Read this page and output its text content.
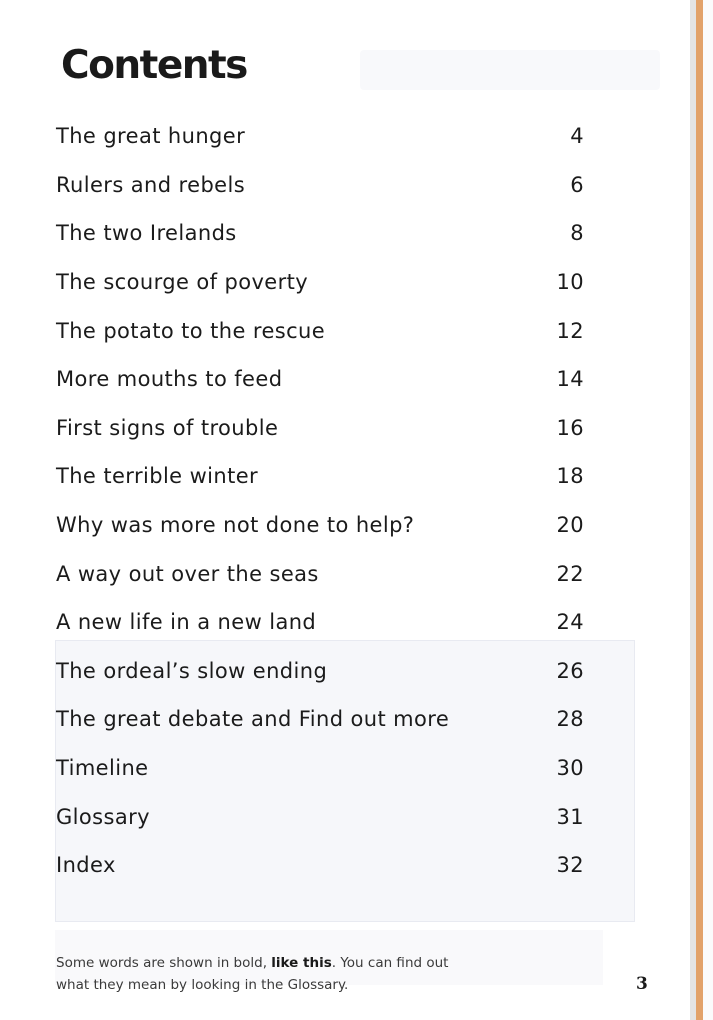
Contents
The great hunger	4
Rulers and rebels	6
The two Irelands	8
The scourge of poverty	10
The potato to the rescue	12
More mouths to feed	14
First signs of trouble	16
The terrible winter	18
Why was more not done to help?	20
A way out over the seas	22
A new life in a new land	24
The ordeal’s slow ending	26
The great debate and Find out more	28
Timeline	30
Glossary	31
Index	32

Some words are shown in bold, like this. You can find out what they mean by looking in the Glossary.	3
